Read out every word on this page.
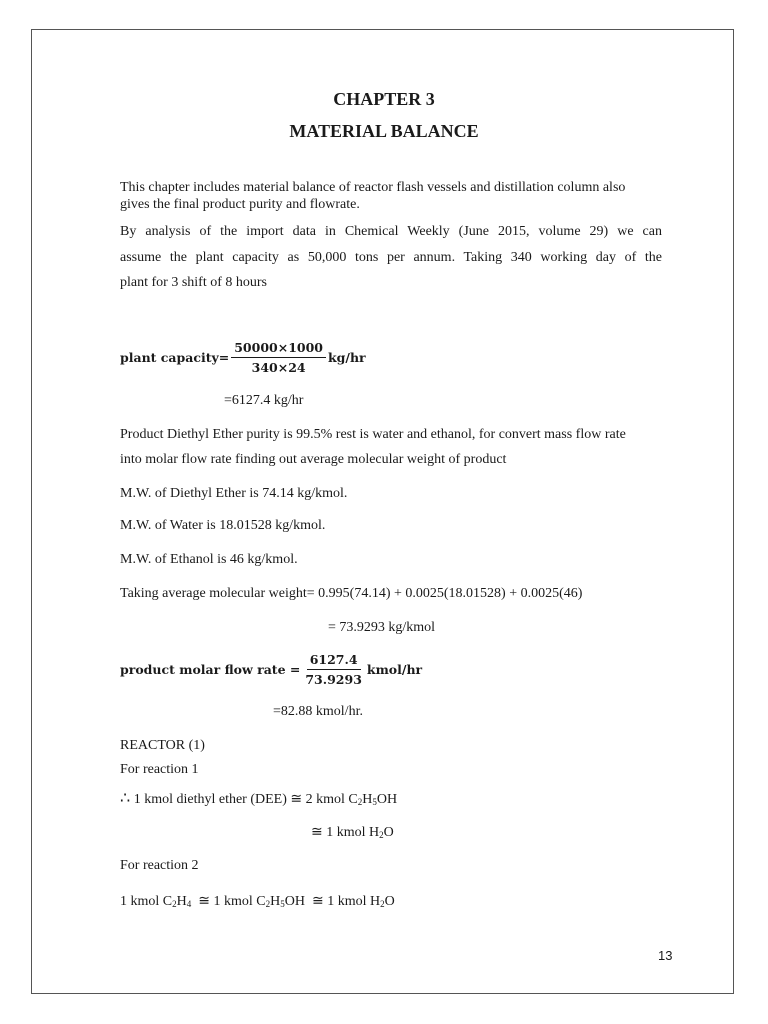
CHAPTER 3
MATERIAL BALANCE
This chapter includes material balance of reactor flash vessels and distillation column also
gives the final product purity and flowrate.
By analysis of the import data in Chemical Weekly (June 2015, volume 29) we can
assume the plant capacity as 50,000 tons per annum. Taking 340 working day of the
plant for 3 shift of 8 hours
plant capacity= $\frac{50000\times 1000}{340\times 24} kg/hr$
=6127.4 kg/hr
Product Diethyl Ether purity is 99.5% rest is water and ethanol, for convert mass flow rate
into molar flow rate finding out average molecular weight of product
M.W. of Diethyl Ether is 74.14 kg/kmol.
M.W. of Water is 18.01528 kg/kmol.
M.W. of Ethanol is 46 kg/kmol.
Taking average molecular weight= 0.995(74.14) + 0.0025(18.01528) + 0.0025(46)
= 73.9293 kg/kmol
product molar flow rate = $\frac{6127.4}{73.9293}$ kmol/hr
=82.88 kmol/hr.
REACTOR (1)
For reaction 1
∴ 1 kmol diethyl ether (DEE) ≅ 2 kmol $C_2H_5OH$
≅ 1 kmol $H_2O$
For reaction 2
1 kmol $C_2H_4$ ≅ 1 kmol $C_2H_5OH$ ≅ 1 kmol $H_2O$
13
